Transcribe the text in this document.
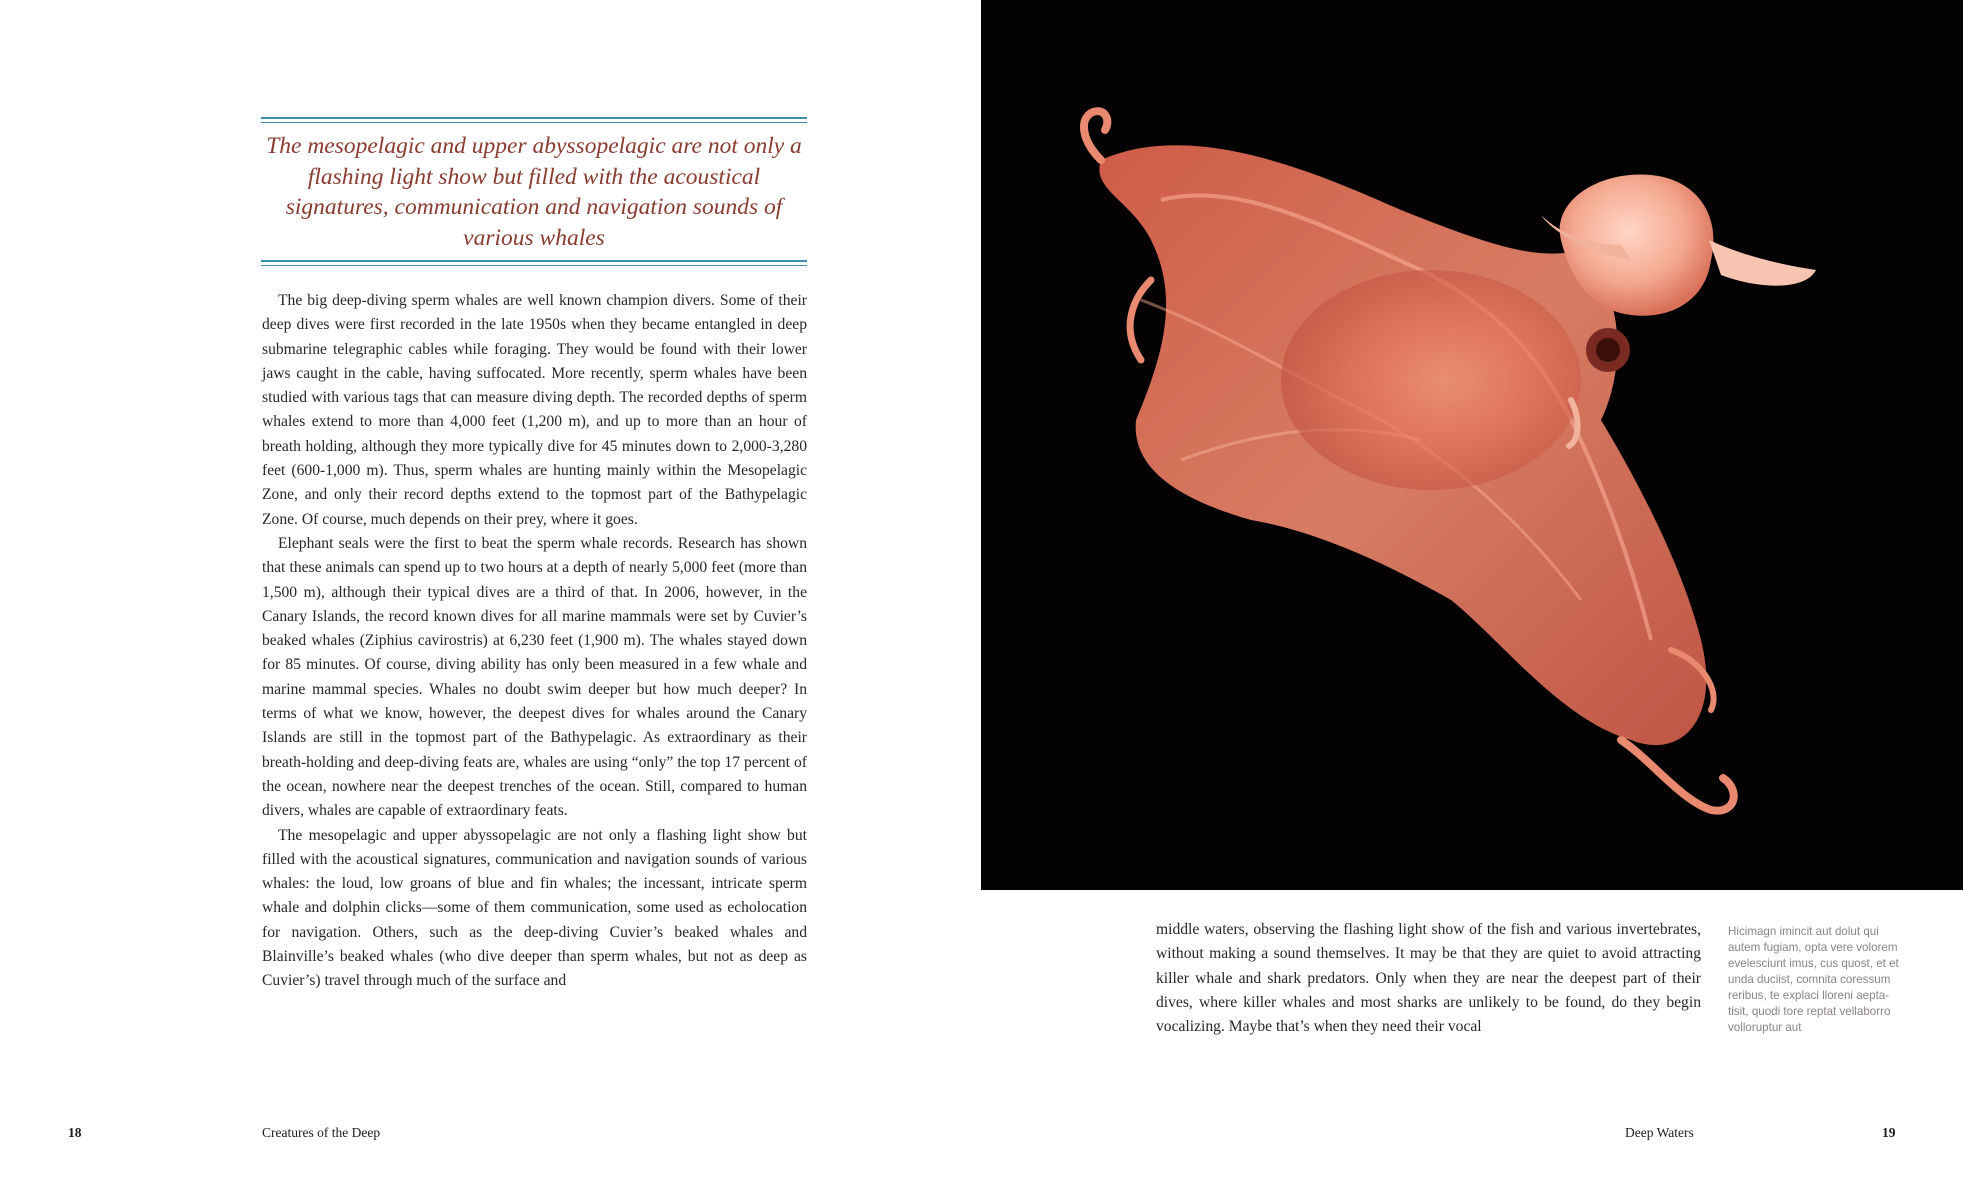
The mesopelagic and upper abyssopelagic are not only a flashing light show but filled with the acoustical signatures, communication and navigation sounds of various whales

The big deep-diving sperm whales are well known champion divers. Some of their deep dives were first recorded in the late 1950s when they became entangled in deep submarine telegraphic cables while foraging. They would be found with their lower jaws caught in the cable, having suffocated. More recently, sperm whales have been studied with various tags that can measure diving depth. The recorded depths of sperm whales extend to more than 4,000 feet (1,200 m), and up to more than an hour of breath holding, although they more typically dive for 45 minutes down to 2,000-3,280 feet (600-1,000 m). Thus, sperm whales are hunting mainly within the Mesopelagic Zone, and only their record depths extend to the topmost part of the Bathypelagic Zone. Of course, much depends on their prey, where it goes.

Elephant seals were the first to beat the sperm whale records. Research has shown that these animals can spend up to two hours at a depth of nearly 5,000 feet (more than 1,500 m), although their typical dives are a third of that. In 2006, however, in the Canary Islands, the record known dives for all marine mammals were set by Cuvier’s beaked whales (Ziphius cavirostris) at 6,230 feet (1,900 m). The whales stayed down for 85 minutes. Of course, diving ability has only been measured in a few whale and marine mammal species. Whales no doubt swim deeper but how much deeper? In terms of what we know, however, the deepest dives for whales around the Canary Islands are still in the topmost part of the Bathypelagic. As extraordinary as their breath-holding and deep-diving feats are, whales are using “only” the top 17 percent of the ocean, nowhere near the deepest trenches of the ocean. Still, compared to human divers, whales are capable of extraordinary feats.

The mesopelagic and upper abyssopelagic are not only a flashing light show but filled with the acoustical signatures, communication and navigation sounds of various whales: the loud, low groans of blue and fin whales; the incessant, intricate sperm whale and dolphin clicks—some of them communication, some used as echolocation for navigation. Others, such as the deep-diving Cuvier’s beaked whales and Blainville’s beaked whales (who dive deeper than sperm whales, but not as deep as Cuvier’s) travel through much of the surface and

18	Creatures of the Deep

middle waters, observing the flashing light show of the fish and various invertebrates, without making a sound themselves. It may be that they are quiet to avoid attracting killer whale and shark predators. Only when they are near the deepest part of their dives, where killer whales and most sharks are unlikely to be found, do they begin vocalizing. Maybe that’s when they need their vocal

Hicimagn imincit aut dolut qui autem fugiam, opta vere volorem evelesciunt imus, cus quost, et et unda duciist, comnita coressum reribus, te explaci lloreni aepta-tisit, quodi tore reptat vellaborro volloruptur aut
Deep Waters	19
